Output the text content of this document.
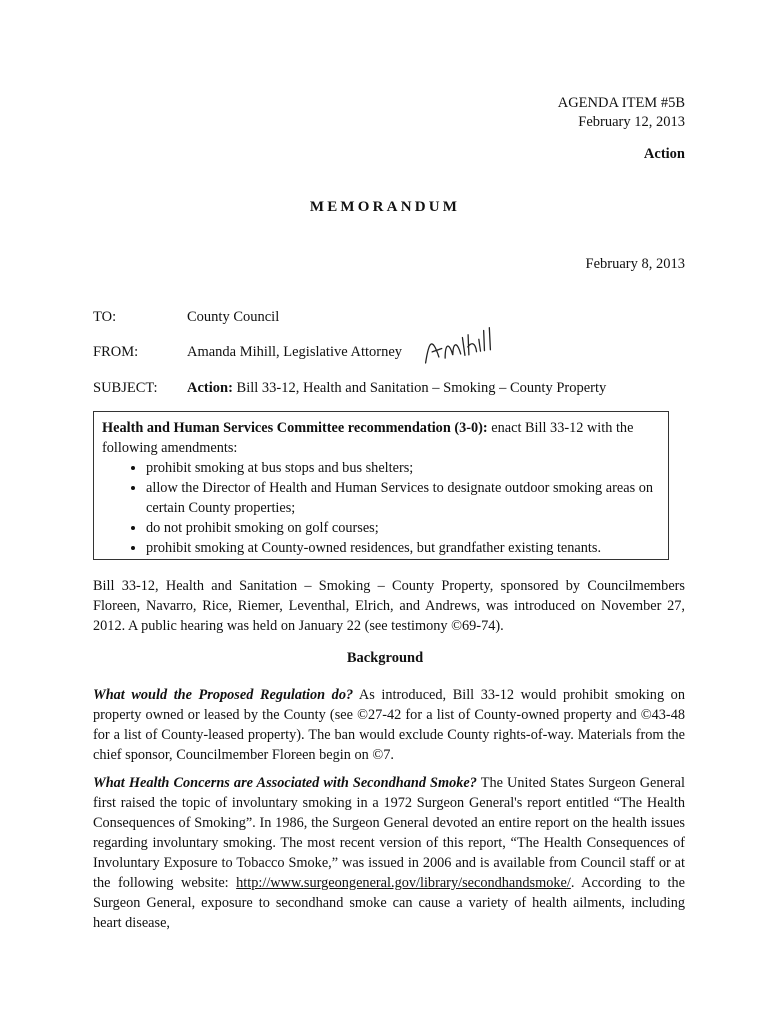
AGENDA ITEM #5B
February 12, 2013
Action
MEMORANDUM
February 8, 2013
TO:	County Council
FROM:	Amanda Mihill, Legislative Attorney
SUBJECT: Action: Bill 33-12, Health and Sanitation – Smoking – County Property
Health and Human Services Committee recommendation (3-0): enact Bill 33-12 with the following amendments:
• prohibit smoking at bus stops and bus shelters;
• allow the Director of Health and Human Services to designate outdoor smoking areas on certain County properties;
• do not prohibit smoking on golf courses;
• prohibit smoking at County-owned residences, but grandfather existing tenants.
Bill 33-12, Health and Sanitation – Smoking – County Property, sponsored by Councilmembers Floreen, Navarro, Rice, Riemer, Leventhal, Elrich, and Andrews, was introduced on November 27, 2012. A public hearing was held on January 22 (see testimony ©69-74).
Background
What would the Proposed Regulation do? As introduced, Bill 33-12 would prohibit smoking on property owned or leased by the County (see ©27-42 for a list of County-owned property and ©43-48 for a list of County-leased property). The ban would exclude County rights-of-way. Materials from the chief sponsor, Councilmember Floreen begin on ©7.
What Health Concerns are Associated with Secondhand Smoke? The United States Surgeon General first raised the topic of involuntary smoking in a 1972 Surgeon General's report entitled “The Health Consequences of Smoking”. In 1986, the Surgeon General devoted an entire report on the health issues regarding involuntary smoking. The most recent version of this report, “The Health Consequences of Involuntary Exposure to Tobacco Smoke,” was issued in 2006 and is available from Council staff or at the following website: http://www.surgeongeneral.gov/library/secondhandsmoke/. According to the Surgeon General, exposure to secondhand smoke can cause a variety of health ailments, including heart disease,
